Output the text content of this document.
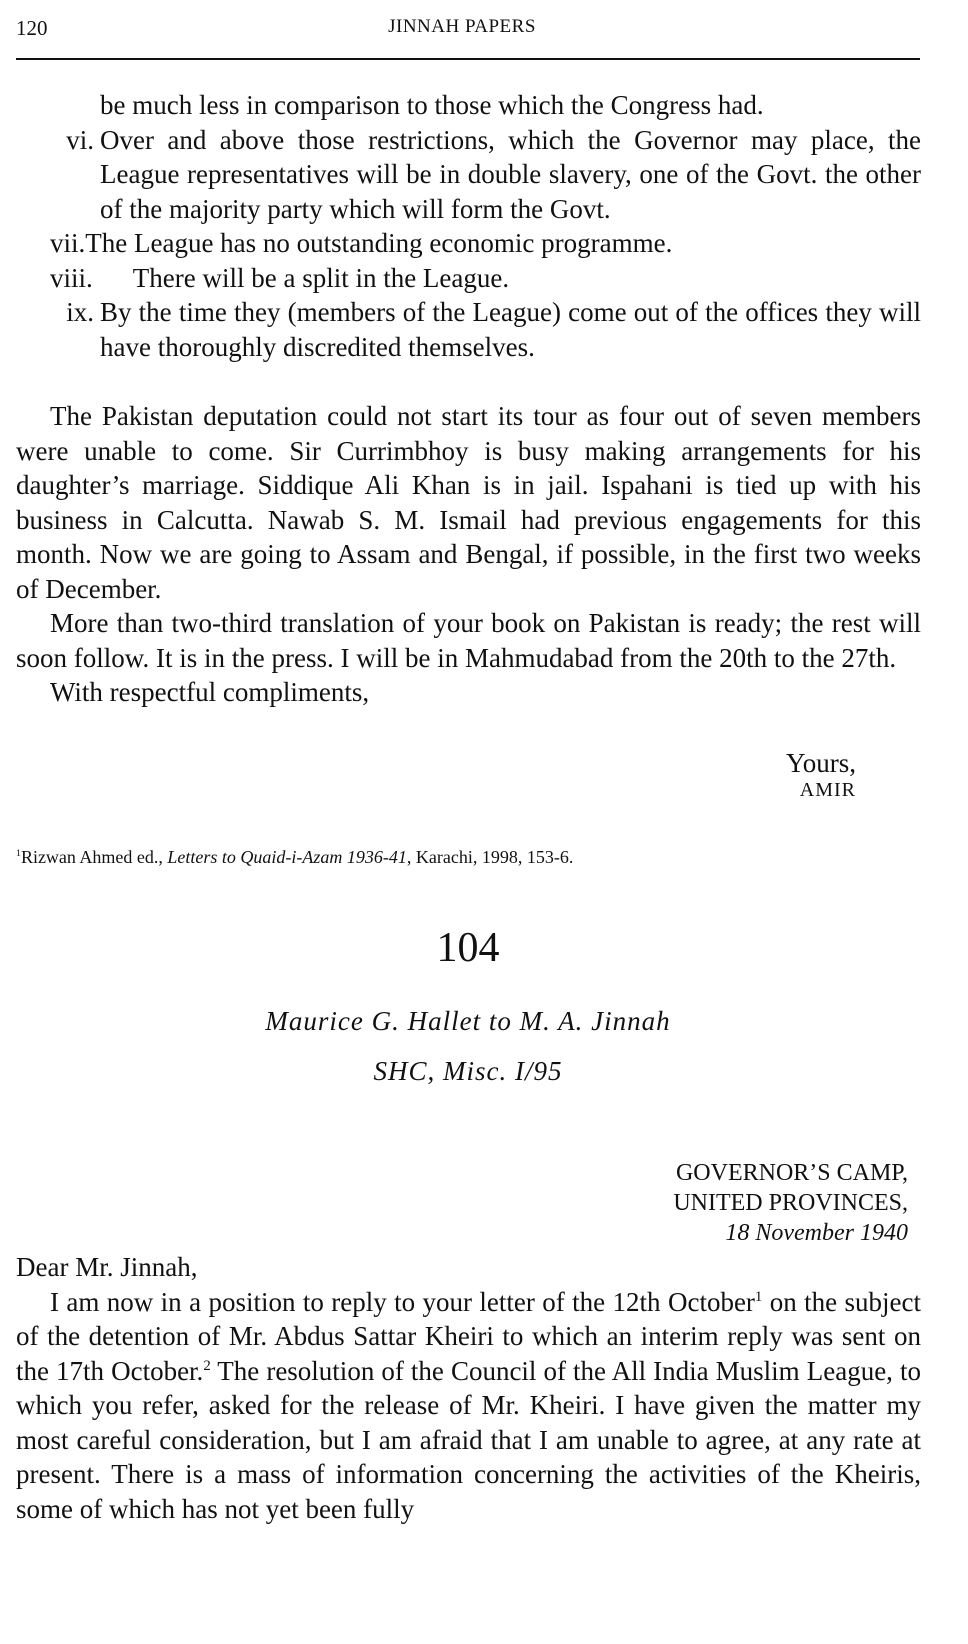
120	JINNAH PAPERS

be much less in comparison to those which the Congress had.

vi. Over and above those restrictions, which the Governor may place, the League representatives will be in double slavery, one of the Govt. the other of the majority party which will form the Govt.
vii. The League has no outstanding economic programme.
viii.	There will be a split in the League.
ix. By the time they (members of the League) come out of the offices they will have thoroughly discredited themselves.

The Pakistan deputation could not start its tour as four out of seven members were unable to come. Sir Currimbhoy is busy making arrangements for his daughter’s marriage. Siddique Ali Khan is in jail. Ispahani is tied up with his business in Calcutta. Nawab S. M. Ismail had previous engagements for this month. Now we are going to Assam and Bengal, if possible, in the first two weeks of December.

More than two-third translation of your book on Pakistan is ready; the rest will soon follow. It is in the press. I will be in Mahmudabad from the 20th to the 27th.

With respectful compliments,

Yours,
AMIR
$^1$Rizwan Ahmed ed., Letters to Quaid-i-Azam 1936-41, Karachi, 1998, 153-6.
104
Maurice G. Hallet to M. A. Jinnah
SHC, Misc. I/95
GOVERNOR’S CAMP,
UNITED PROVINCES,
18 November 1940

Dear Mr. Jinnah,

I am now in a position to reply to your letter of the 12th October$^1$ on the subject of the detention of Mr. Abdus Sattar Kheiri to which an interim reply was sent on the 17th October.$^2$ The resolution of the Council of the All India Muslim League, to which you refer, asked for the release of Mr. Kheiri. I have given the matter my most careful consideration, but I am afraid that I am unable to agree, at any rate at present. There is a mass of information concerning the activities of the Kheiris, some of which has not yet been fully
